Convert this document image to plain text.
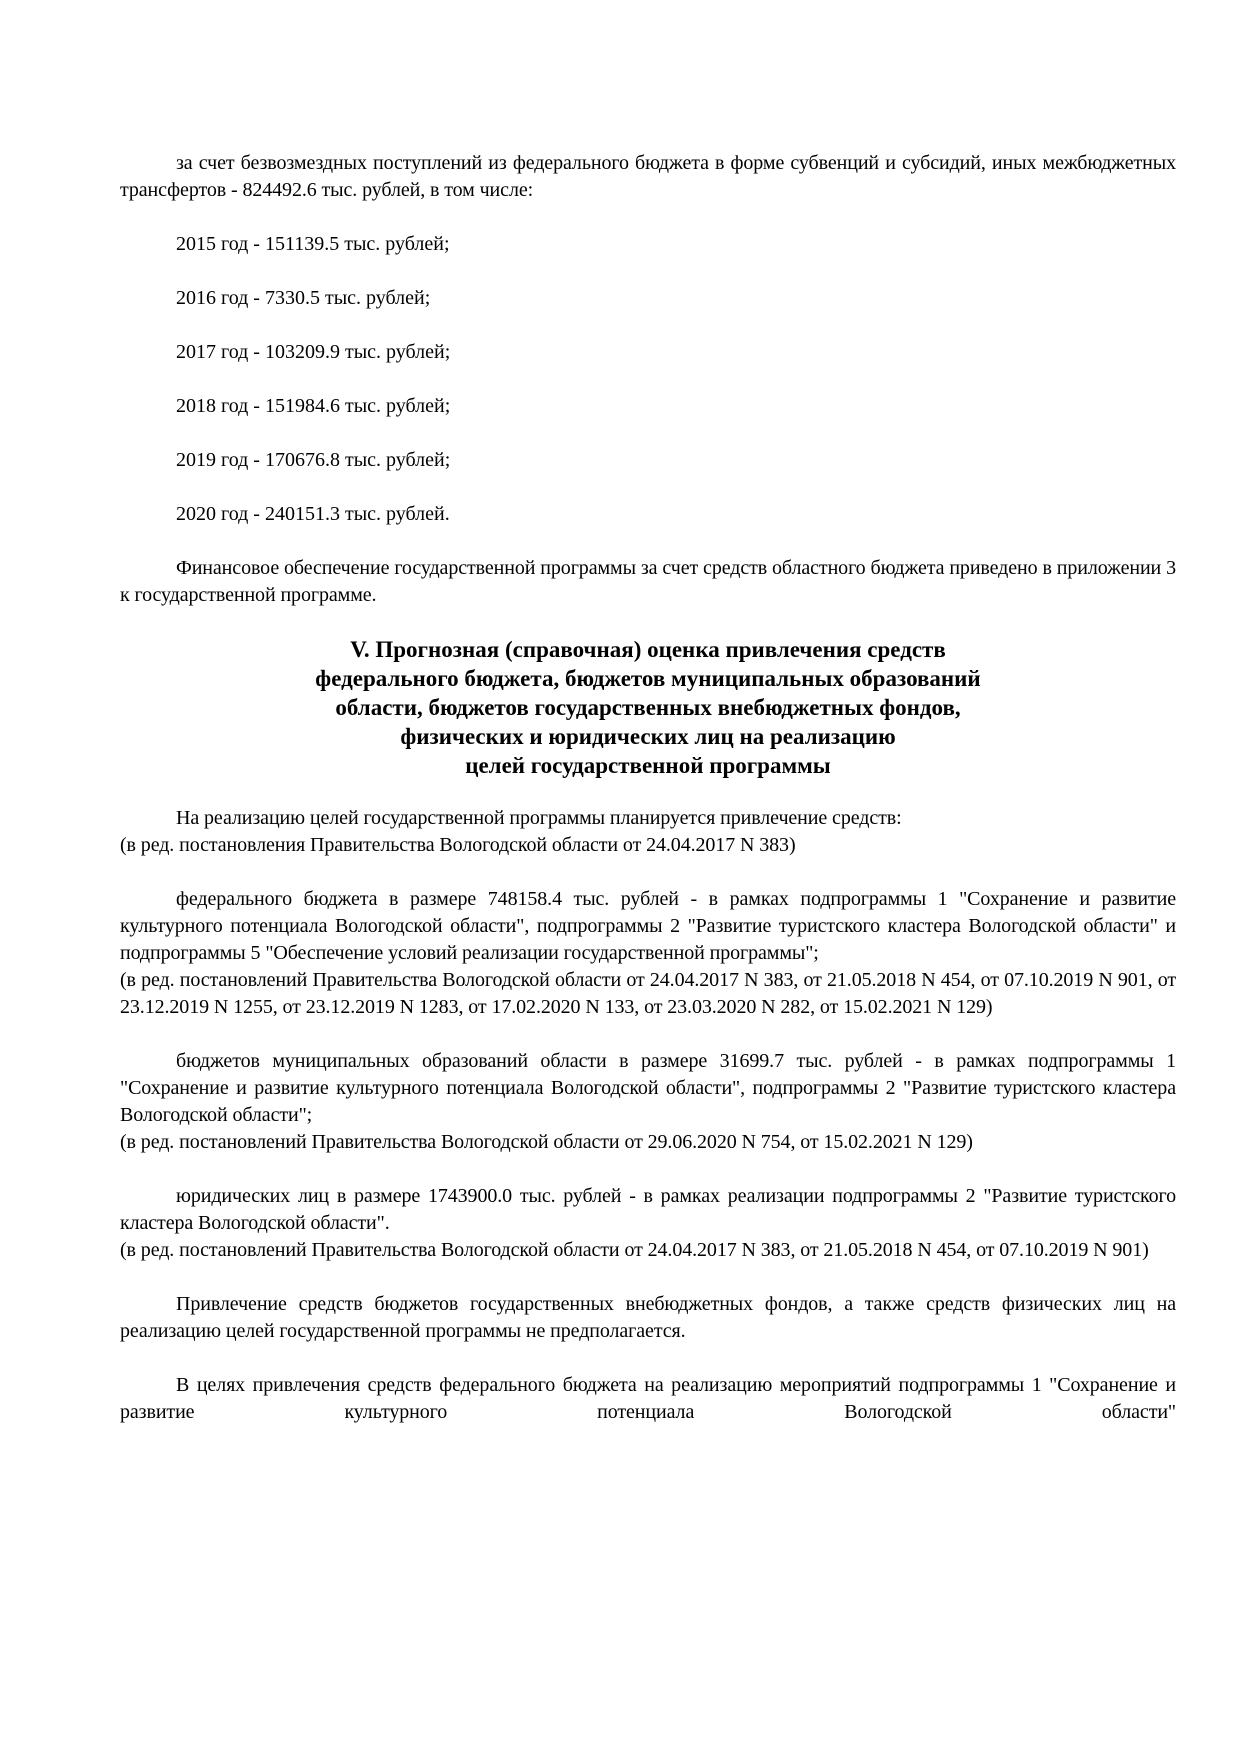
за счет безвозмездных поступлений из федерального бюджета в форме субвенций и субсидий, иных межбюджетных трансфертов - 824492.6 тыс. рублей, в том числе:

2015 год - 151139.5 тыс. рублей;

2016 год - 7330.5 тыс. рублей;

2017 год - 103209.9 тыс. рублей;

2018 год - 151984.6 тыс. рублей;

2019 год - 170676.8 тыс. рублей;

2020 год - 240151.3 тыс. рублей.

Финансовое обеспечение государственной программы за счет средств областного бюджета приведено в приложении 3 к государственной программе.

V. Прогнозная (справочная) оценка привлечения средств
федерального бюджета, бюджетов муниципальных образований
области, бюджетов государственных внебюджетных фондов,
физических и юридических лиц на реализацию
целей государственной программы

На реализацию целей государственной программы планируется привлечение средств:

(в ред. постановления Правительства Вологодской области от 24.04.2017 N 383)

федерального бюджета в размере 748158.4 тыс. рублей - в рамках подпрограммы 1 "Сохранение и развитие культурного потенциала Вологодской области", подпрограммы 2 "Развитие туристского кластера Вологодской области" и подпрограммы 5 "Обеспечение условий реализации государственной программы";

(в ред. постановлений Правительства Вологодской области от 24.04.2017 N 383, от 21.05.2018 N 454, от 07.10.2019 N 901, от 23.12.2019 N 1255, от 23.12.2019 N 1283, от 17.02.2020 N 133, от 23.03.2020 N 282, от 15.02.2021 N 129)

бюджетов муниципальных образований области в размере 31699.7 тыс. рублей - в рамках подпрограммы 1 "Сохранение и развитие культурного потенциала Вологодской области", подпрограммы 2 "Развитие туристского кластера Вологодской области";

(в ред. постановлений Правительства Вологодской области от 29.06.2020 N 754, от 15.02.2021 N 129)

юридических лиц в размере 1743900.0 тыс. рублей - в рамках реализации подпрограммы 2 "Развитие туристского кластера Вологодской области".

(в ред. постановлений Правительства Вологодской области от 24.04.2017 N 383, от 21.05.2018 N 454, от 07.10.2019 N 901)

Привлечение средств бюджетов государственных внебюджетных фондов, а также средств физических лиц на реализацию целей государственной программы не предполагается.

В целях привлечения средств федерального бюджета на реализацию мероприятий подпрограммы 1 "Сохранение и развитие культурного потенциала Вологодской области"
